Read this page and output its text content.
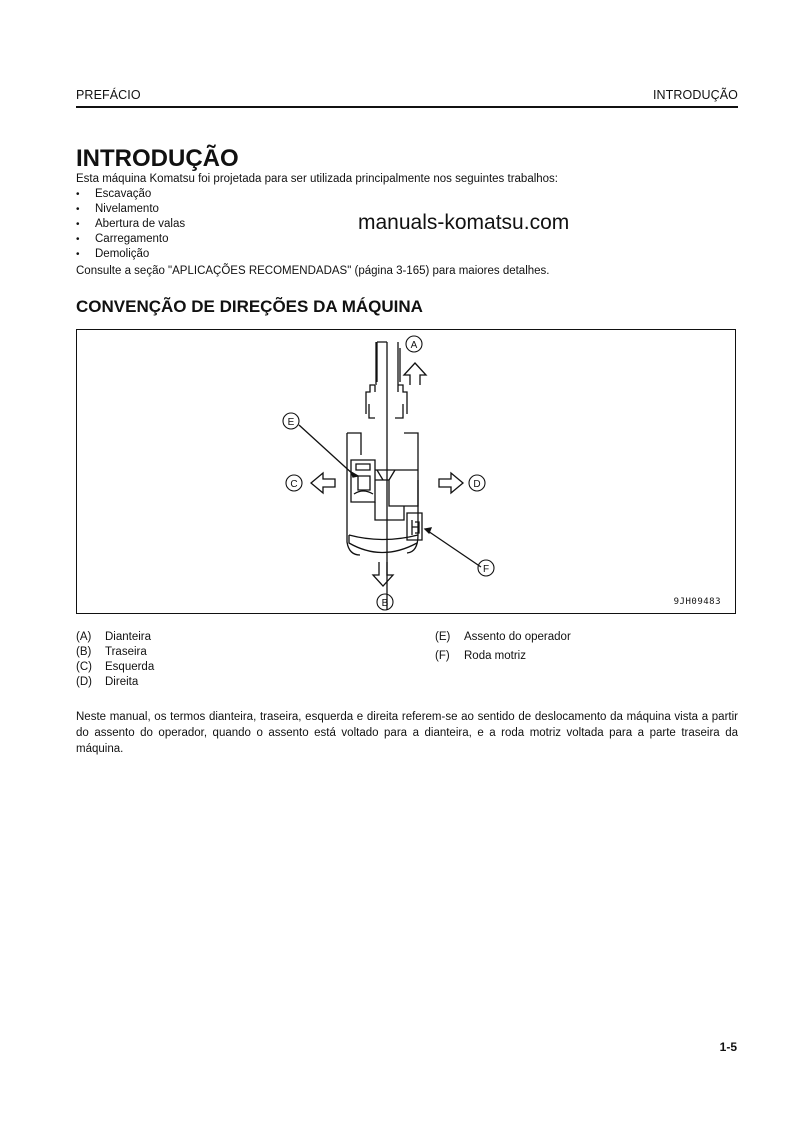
PREFÁCIO	INTRODUÇÃO
INTRODUÇÃO
Esta máquina Komatsu foi projetada para ser utilizada principalmente nos seguintes trabalhos:
• Escavação
• Nivelamento
• Abertura de valas
• Carregamento
• Demolição
manuals-komatsu.com
Consulte a seção "APLICAÇÕES RECOMENDADAS" (página 3-165) para maiores detalhes.
CONVENÇÃO DE DIREÇÕES DA MÁQUINA
A
B
C	D
E
F
9JH09483
(A)	Dianteira
(B)	Traseira
(C)	Esquerda
(D)	Direita
(E)	Assento do operador
(F)	Roda motriz
Neste manual, os termos dianteira, traseira, esquerda e direita referem-se ao sentido de deslocamento da máquina vista a partir do assento do operador, quando o assento está voltado para a dianteira, e a roda motriz voltada para a parte traseira da máquina.
1-5
